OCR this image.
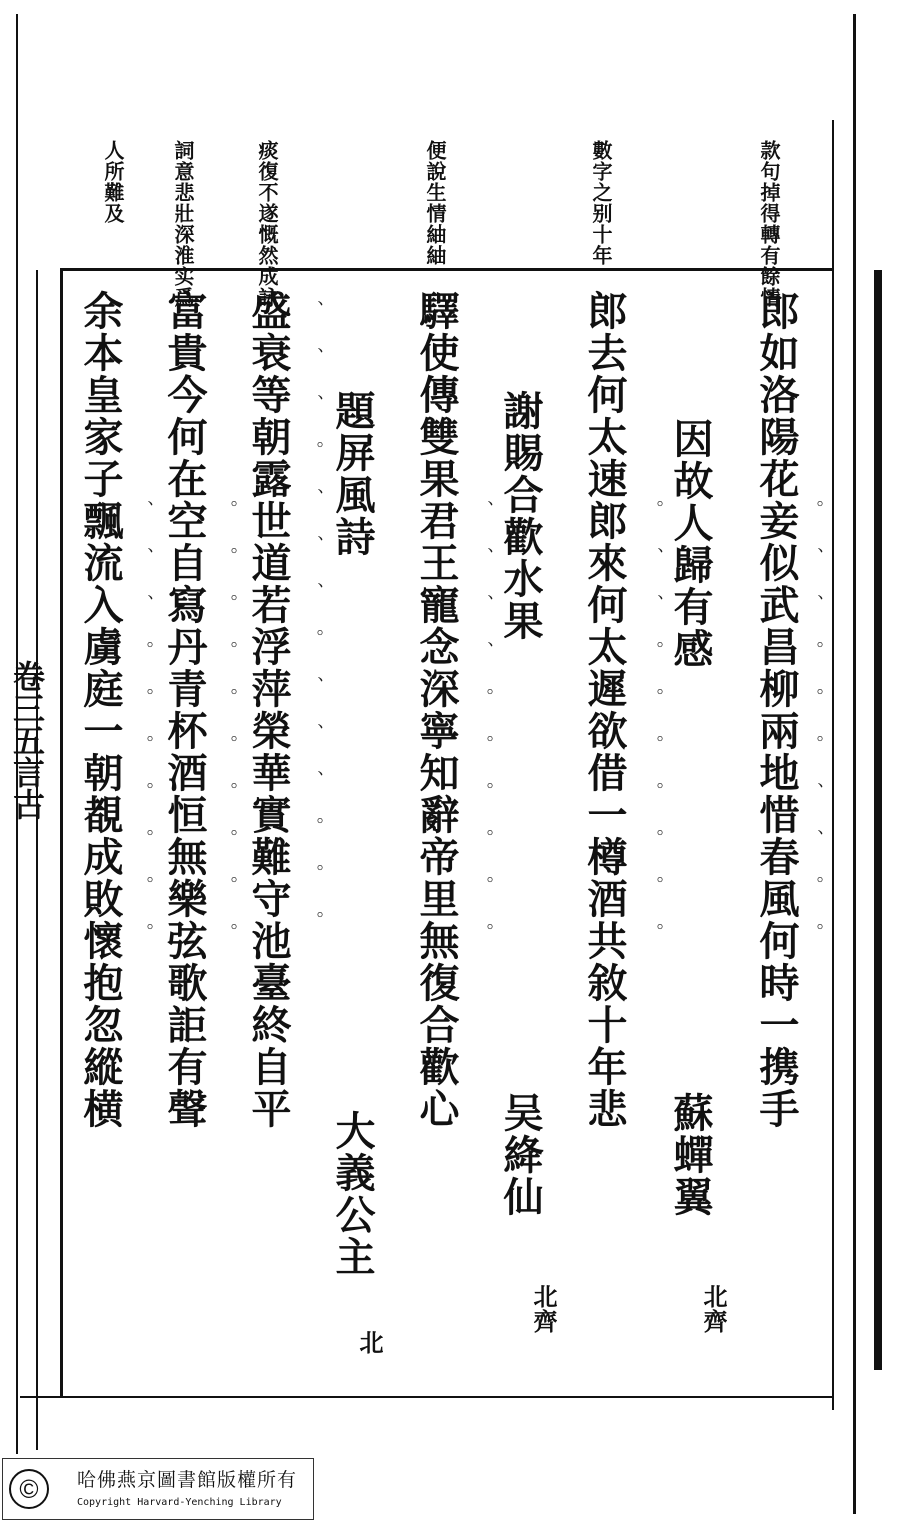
卷三五言古
款句掉得轉有餘情
數字之别十年
便說生情紬紬
痰復不遂慨然成詠
詞意悲壯深淮实爲
人所難及
郎如洛陽花妾似武昌柳兩地惜春風何時一携手
因故人歸有感
蘇蟬翼
北齊
郎去何太速郎來何太遲欲借一樽酒共敘十年悲
謝賜合歡水果
吴絳仙
北齊
驛使傳雙果君王寵念深寧知辭帝里無復合歡心
題屏風詩
大義公主
北
盛衰等朝露世道若浮萍榮華實難守池臺終自平
富貴今何在空自寫丹青杯酒恒無樂弦歌詎有聲
余本皇家子飄流入虜庭一朝覩成敗懷抱忽縱横	。 、 、 。 。 。 、 、 。 。
。 、 、 。 。 。 。 。 。 。
、 、 、 、 。 。 。 。 。 。
、 、 、 。 、 、 、 。 、 、 、 。 。 。
。 。 。 。 。 。 。 。 。 。
、 、 、 。 。 。 。 。 。 。
©	哈佛燕京圖書館版權所有
Copyright Harvard-Yenching Library
